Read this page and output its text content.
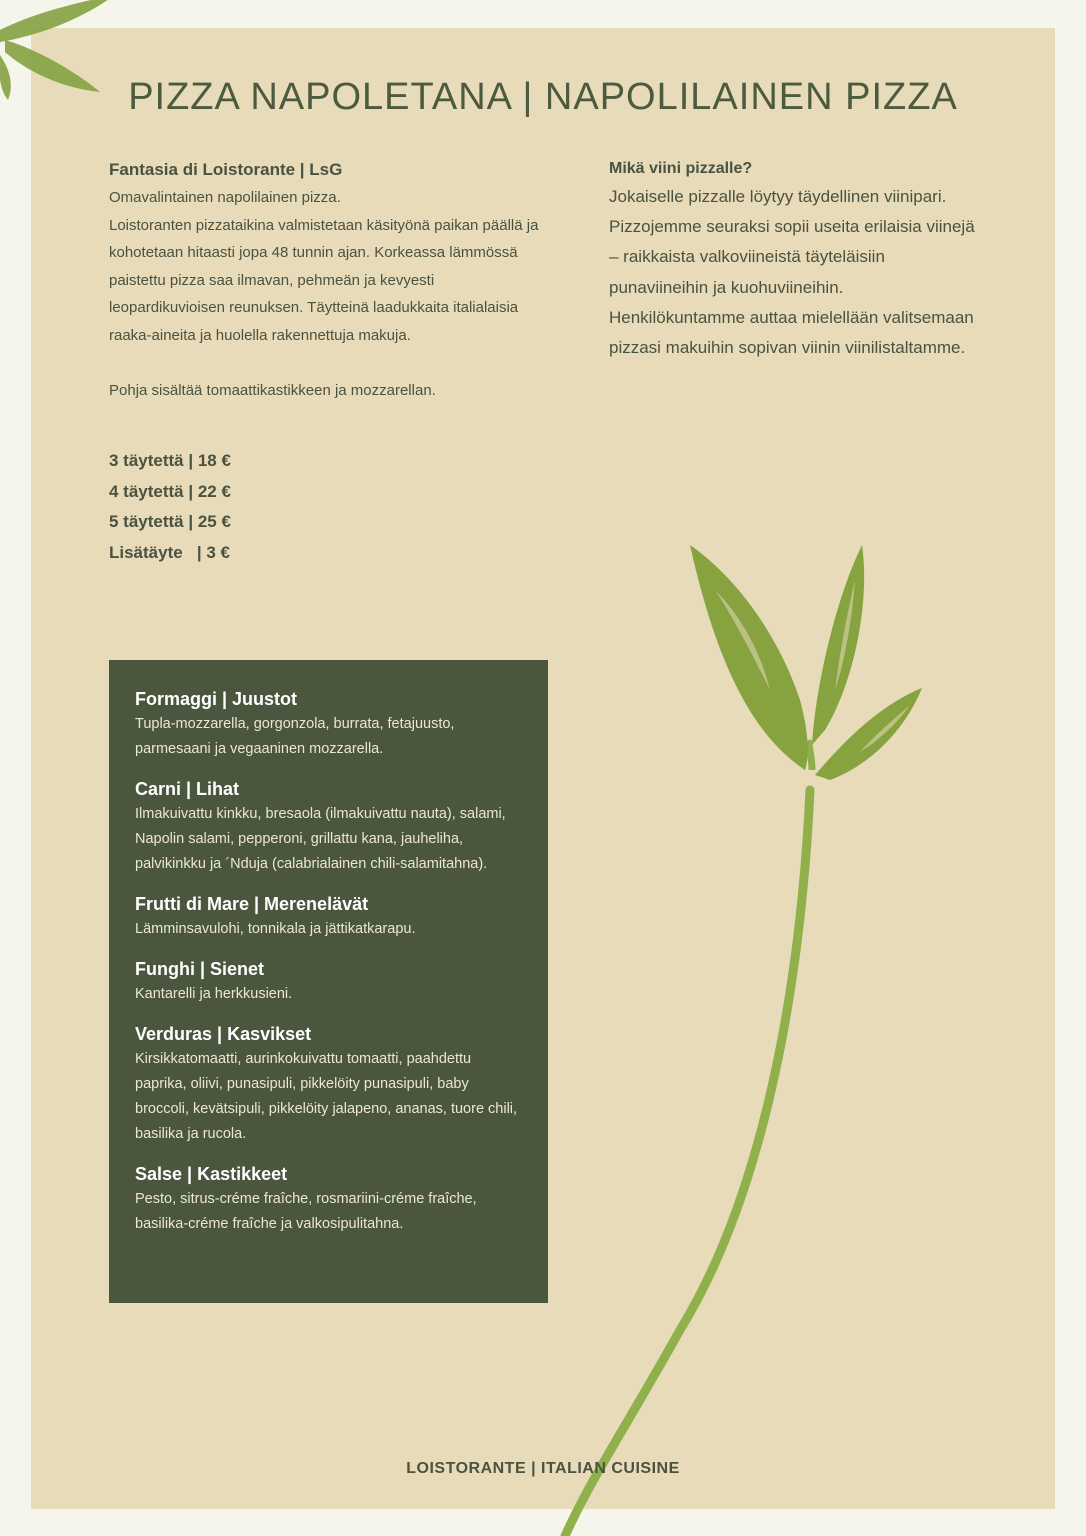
PIZZA NAPOLETANA | NAPOLILAINEN PIZZA
Fantasia di Loistorante | LsG

Omavalintainen napolilainen pizza.

Loistoranten pizzataikina valmistetaan käsityönä paikan päällä ja kohotetaan hitaasti jopa 48 tunnin ajan. Korkeassa lämmössä paistettu pizza saa ilmavan, pehmeän ja kevyesti leopardikuvioisen reunuksen. Täytteinä laadukkaita italialaisia raaka-aineita ja huolella rakennettuja makuja.

Pohja sisältää tomaattikastikkeen ja mozzarellan.

3 täytettä | 18 €
4 täytettä | 22 €
5 täytettä | 25 €
Lisätäyte   | 3 €
Mikä viini pizzalle?

Jokaiselle pizzalle löytyy täydellinen viinipari. Pizzojemme seuraksi sopii useita erilaisia viinejä – raikkaista valkoviineistä täyteläisiin punaviineihin ja kuohuviineihin. Henkilökuntamme auttaa mielellään valitsemaan pizzasi makuihin sopivan viinin viinilistaltamme.

Formaggi | Juustot
Tupla-mozzarella, gorgonzola, burrata, fetajuusto, parmesaani ja vegaaninen mozzarella.
Carni | Lihat
Ilmakuivattu kinkku, bresaola (ilmakuivattu nauta), salami, Napolin salami, pepperoni, grillattu kana, jauheliha, palvikinkku ja ´Nduja (calabrialainen chili-salamitahna).
Frutti di Mare | Merenelävät
Lämminsavulohi, tonnikala ja jättikatkarapu.
Funghi | Sienet
Kantarelli ja herkkusieni.
Verduras | Kasvikset
Kirsikkatomaatti, aurinkokuivattu tomaatti, paahdettu paprika, oliivi, punasipuli, pikkelöity punasipuli, baby broccoli, kevätsipuli, pikkelöity jalapeno, ananas, tuore chili, basilika ja rucola.
Salse | Kastikkeet
Pesto, sitrus-créme fraîche, rosmariini-créme fraîche, basilika-créme fraîche ja valkosipulitahna.
LOISTORANTE | ITALIAN CUISINE
